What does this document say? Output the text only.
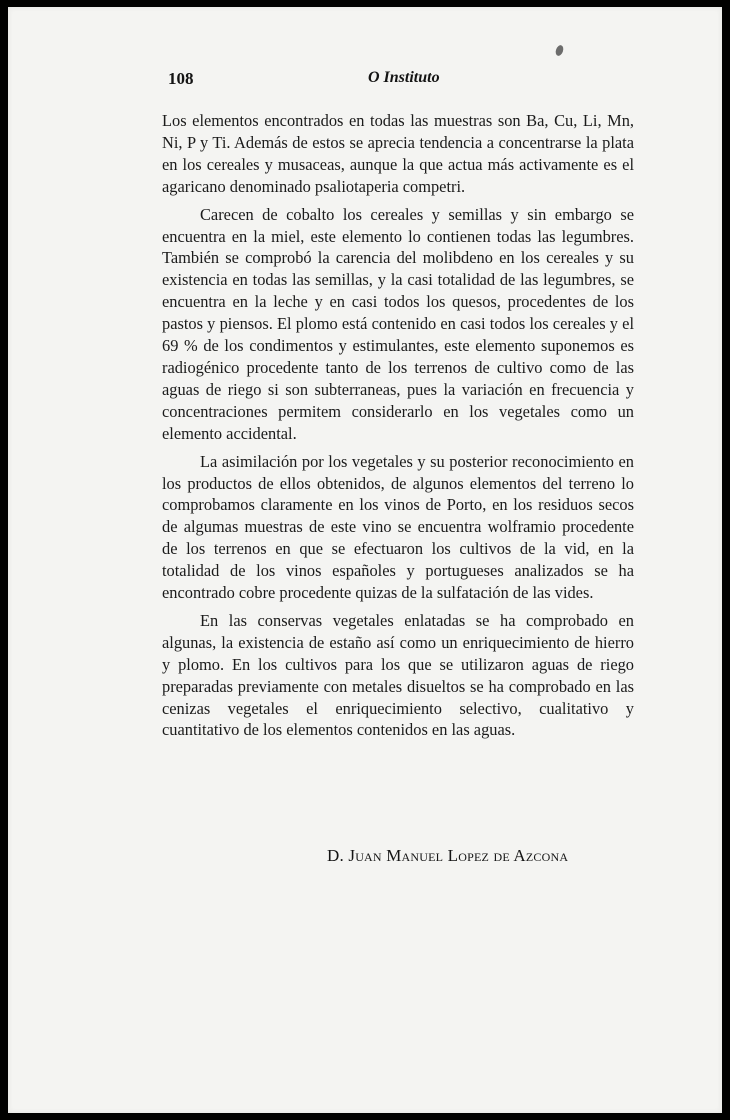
108	O Instituto

Los elementos encontrados en todas las muestras son Ba, Cu, Li, Mn, Ni, P y Ti. Además de estos se aprecia tendencia a concentrarse la plata en los cereales y musaceas, aunque la que actua más activamente es el agaricano denominado psaliotaperia competri.

Carecen de cobalto los cereales y semillas y sin embargo se encuentra en la miel, este elemento lo contienen todas las legumbres. También se comprobó la carencia del molibdeno en los cereales y su existencia en todas las semillas, y la casi totalidad de las legumbres, se encuentra en la leche y en casi todos los quesos, procedentes de los pastos y piensos. El plomo está contenido en casi todos los cereales y el 69 % de los condimentos y estimulantes, este elemento suponemos es radiogénico procedente tanto de los terrenos de cultivo como de las aguas de riego si son subterraneas, pues la variación en frecuencia y concentraciones permitem considerarlo en los vegetales como un elemento accidental.

La asimilación por los vegetales y su posterior reconocimiento en los productos de ellos obtenidos, de algunos elementos del terreno lo comprobamos claramente en los vinos de Porto, en los residuos secos de algumas muestras de este vino se encuentra wolframio procedente de los terrenos en que se efectuaron los cultivos de la vid, en la totalidad de los vinos españoles y portugueses analizados se ha encontrado cobre procedente quizas de la sulfatación de las vides.

En las conservas vegetales enlatadas se ha comprobado en algunas, la existencia de estaño así como un enriquecimiento de hierro y plomo. En los cultivos para los que se utilizaron aguas de riego preparadas previamente con metales disueltos se ha comprobado en las cenizas vegetales el enriquecimiento selectivo, cualitativo y cuantitativo de los elementos contenidos en las aguas.

D. Juan Manuel Lopez de Azcona
